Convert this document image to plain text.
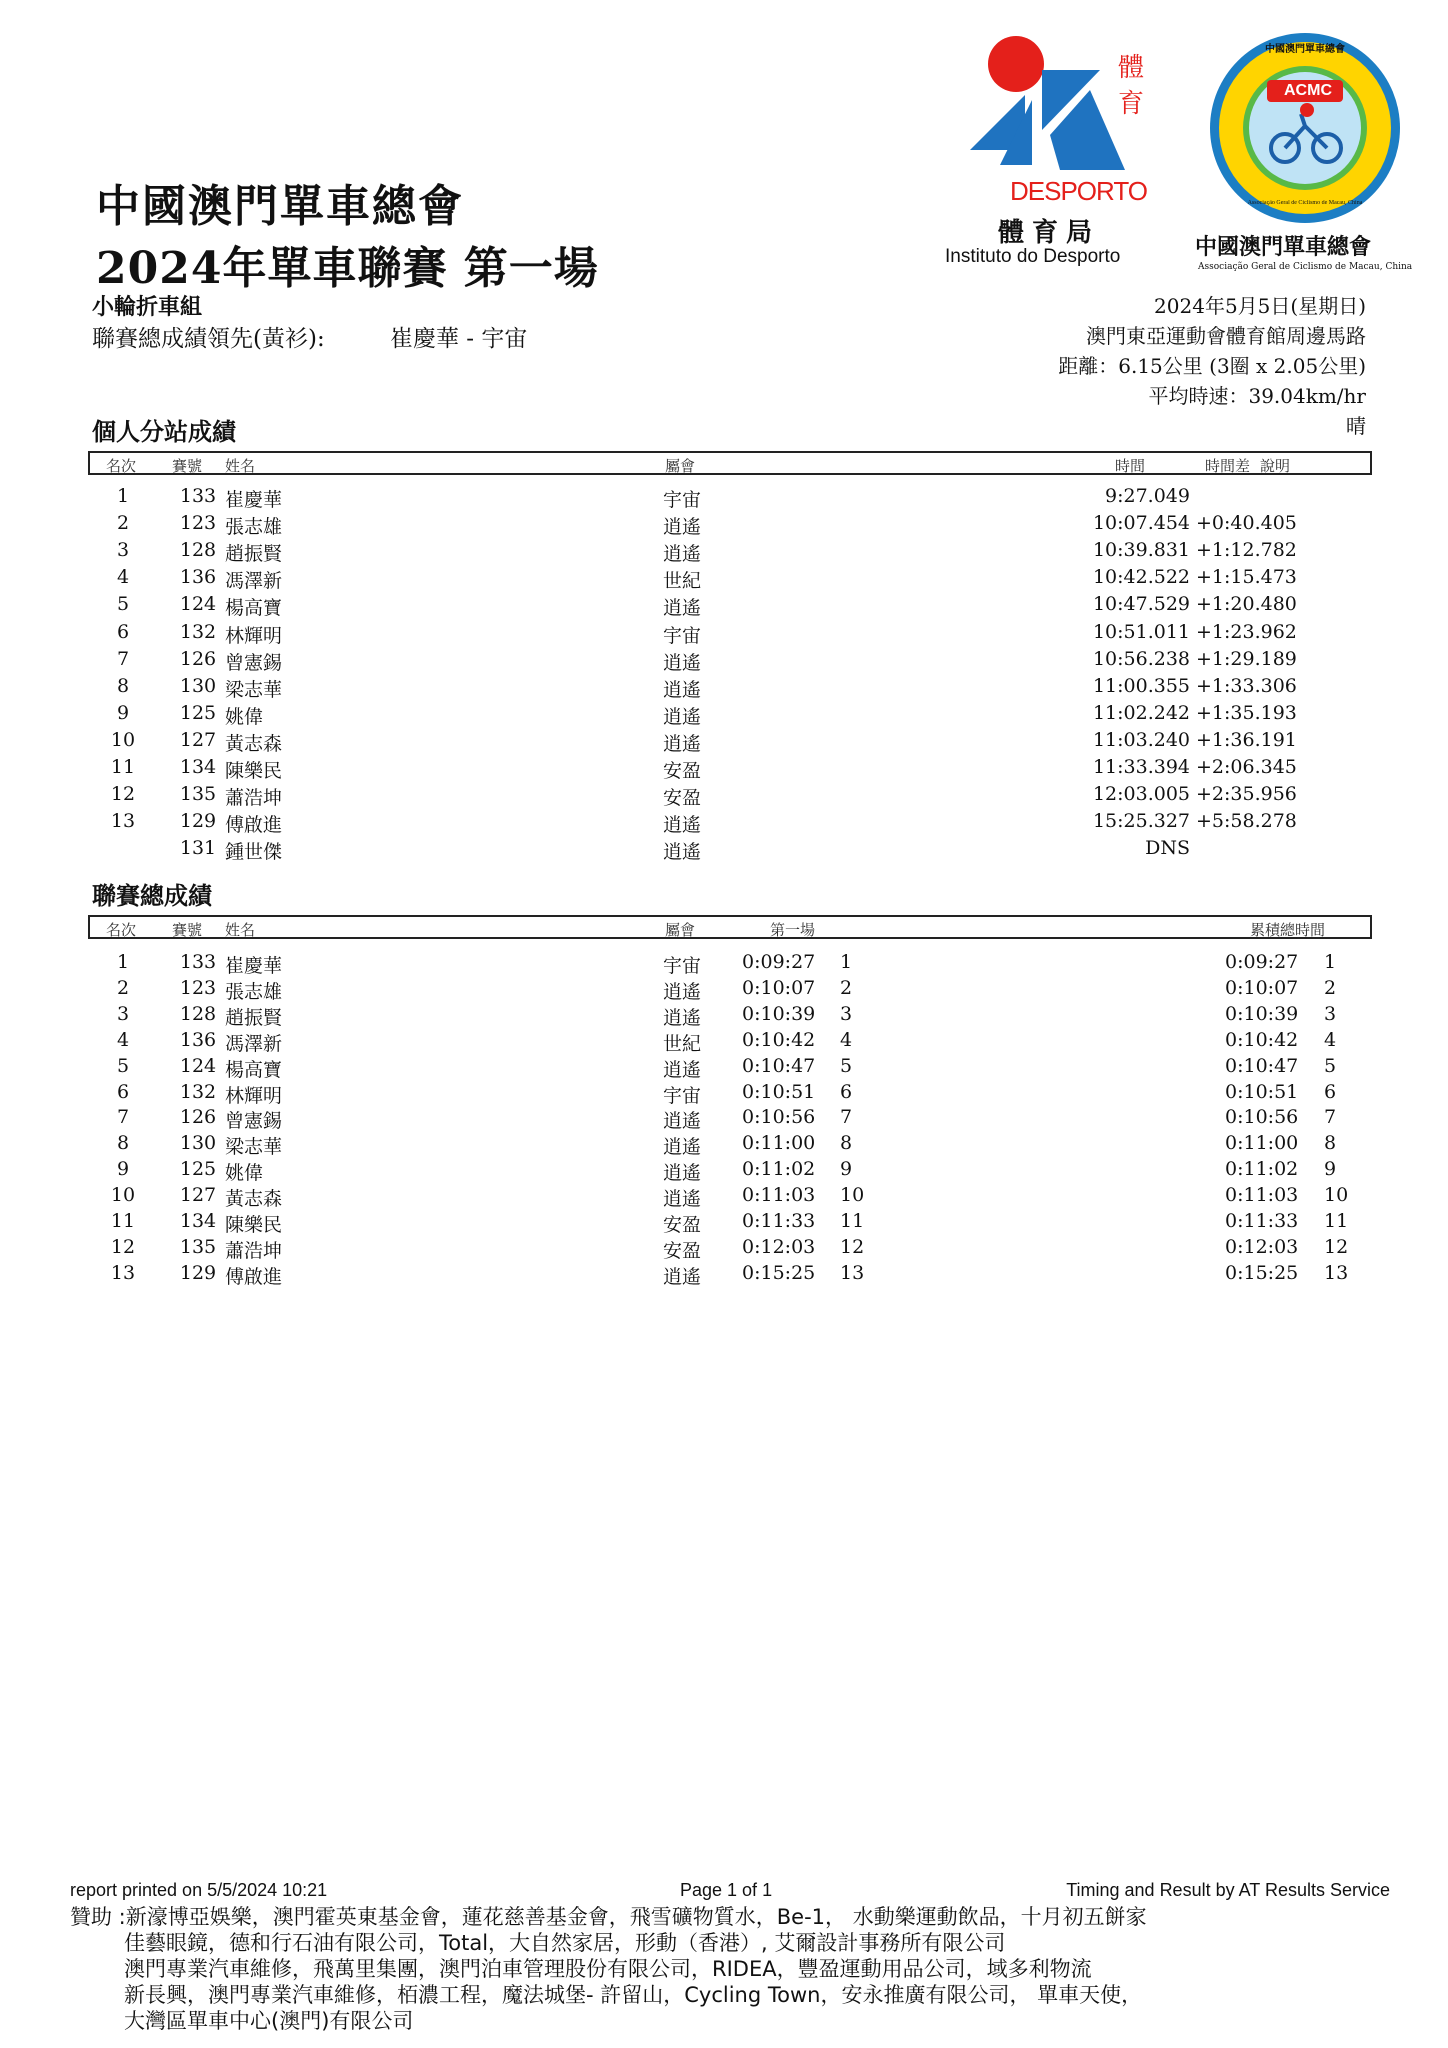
體育
DESPORTO
體育局
Instituto do Desporto
ACMC
中國澳門單車總會
Associação Geral de Ciclismo de Macau, China
中國澳門單車總會
Associação Geral de Ciclismo de Macau, China
中國澳門單車總會
2024年單車聯賽 第一場
小輪折車組
聯賽總成績領先(黃衫):	崔慶華 - 宇宙
2024年5月5日(星期日)
澳門東亞運動會體育館周邊馬路
距離：6.15公里 (3圈 x 2.05公里)
平均時速：39.04km/hr
晴
個人分站成績
名次 賽號 姓名	屬會	時間	時間差 說明
1	133 崔慶華	宇宙	9:27.049
2	123 張志雄	逍遙	10:07.454 +0:40.405
3	128 趙振賢	逍遙	10:39.831 +1:12.782
4	136 馮澤新	世紀	10:42.522 +1:15.473
5	124 楊高寶	逍遙	10:47.529 +1:20.480
6	132 林輝明	宇宙	10:51.011 +1:23.962
7	126 曾憲錫	逍遙	10:56.238 +1:29.189
8	130 梁志華	逍遙	11:00.355 +1:33.306
9	125 姚偉	逍遙	11:02.242 +1:35.193
10	127 黃志森	逍遙	11:03.240 +1:36.191
11	134 陳樂民	安盈	11:33.394 +2:06.345
12	135 蕭浩坤	安盈	12:03.005 +2:35.956
13	129 傅啟進	逍遙	15:25.327 +5:58.278
131 鍾世傑	逍遙	DNS
聯賽總成績
名次 賽號 姓名	屬會	第一場	累積總時間
1	133 崔慶華	宇宙 0:09:27 1	0:09:27 1
2	123 張志雄	逍遙 0:10:07 2	0:10:07 2
3	128 趙振賢	逍遙 0:10:39 3	0:10:39 3
4	136 馮澤新	世紀 0:10:42 4	0:10:42 4
5	124 楊高寶	逍遙 0:10:47 5	0:10:47 5
6	132 林輝明	宇宙 0:10:51 6	0:10:51 6
7	126 曾憲錫	逍遙 0:10:56 7	0:10:56 7
8	130 梁志華	逍遙 0:11:00 8	0:11:00 8
9	125 姚偉	逍遙 0:11:02 9	0:11:02 9
10	127 黃志森	逍遙 0:11:03 10	0:11:03 10
11	134 陳樂民	安盈 0:11:33 11	0:11:33 11
12	135 蕭浩坤	安盈 0:12:03 12	0:12:03 12
13	129 傅啟進	逍遙 0:15:25 13	0:15:25 13
report printed on 5/5/2024 10:21	Page 1 of 1	Timing and Result by AT Results Service
贊助 :新濠博亞娛樂，澳門霍英東基金會，蓮花慈善基金會，飛雪礦物質水，Be-1， 水動樂運動飲品，十月初五餅家
佳藝眼鏡，德和行石油有限公司，Total，大自然家居，形動（香港）, 艾爾設計事務所有限公司
澳門專業汽車維修，飛萬里集團，澳門泊車管理股份有限公司，RIDEA，豐盈運動用品公司，域多利物流
新長興，澳門專業汽車維修，栢濃工程，魔法城堡- 許留山，Cycling Town，安永推廣有限公司， 單車天使，
大灣區單車中心(澳門)有限公司
